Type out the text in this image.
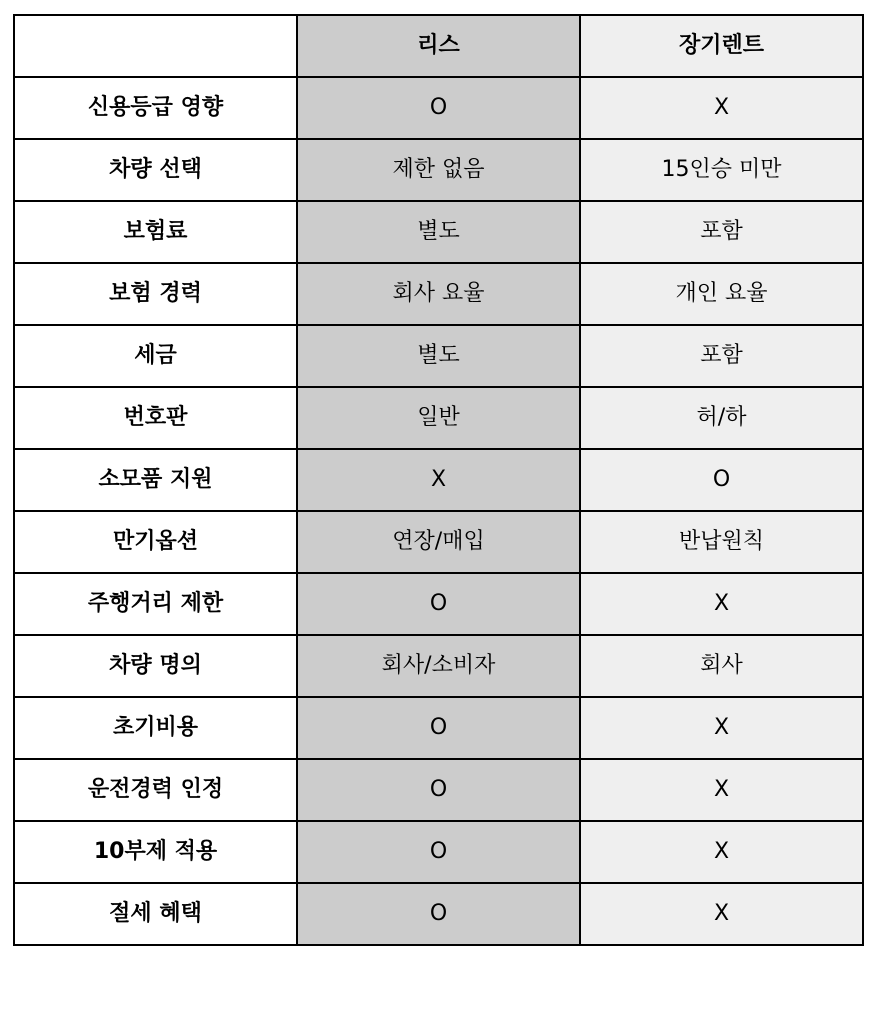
	리스	장기렌트
신용등급 영향	O	X
차량 선택	제한 없음	15인승 미만
보험료	별도	포함
보험 경력	회사 요율	개인 요율
세금	별도	포함
번호판	일반	허/하
소모품 지원	X	O
만기옵션	연장/매입	반납원칙
주행거리 제한	O	X
차량 명의	회사/소비자	회사
초기비용	O	X
운전경력 인정	O	X
10부제 적용	O	X
절세 혜택	O	X
